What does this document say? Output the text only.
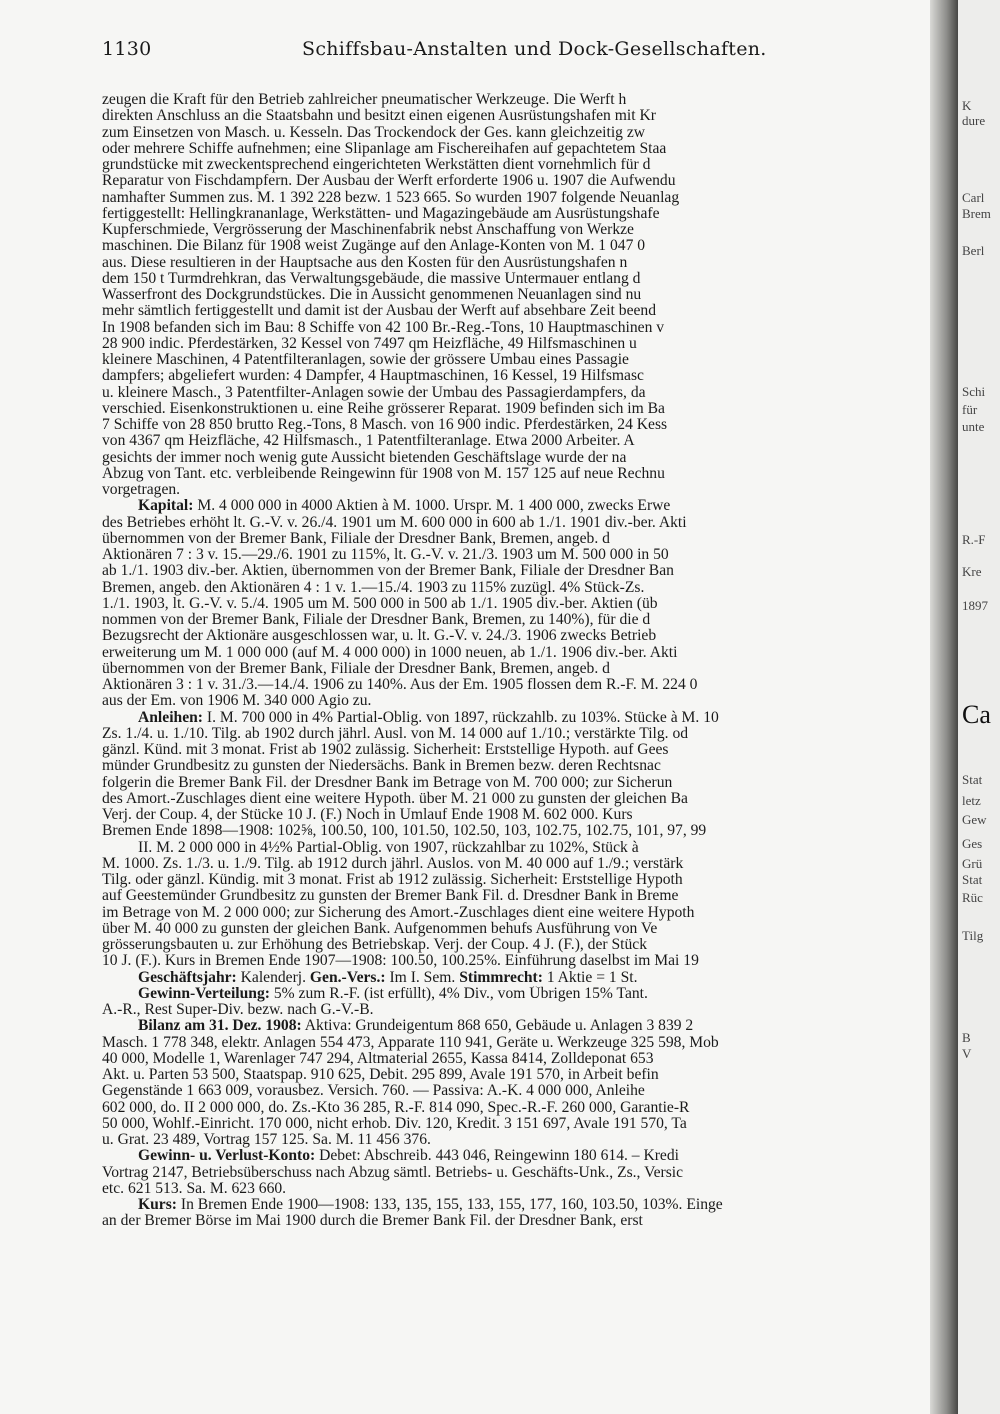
1130	Schiffsbau-Anstalten und Dock-Gesellschaften.

zeugen die Kraft für den Betrieb zahlreicher pneumatischer Werkzeuge. Die Werft h

direkten Anschluss an die Staatsbahn und besitzt einen eigenen Ausrüstungshafen mit Kr

zum Einsetzen von Masch. u. Kesseln. Das Trockendock der Ges. kann gleichzeitig zw

oder mehrere Schiffe aufnehmen; eine Slipanlage am Fischereihafen auf gepachtetem Staa

grundstücke mit zweckentsprechend eingerichteten Werkstätten dient vornehmlich für d

Reparatur von Fischdampfern. Der Ausbau der Werft erforderte 1906 u. 1907 die Aufwendu

namhafter Summen zus. M. 1 392 228 bezw. 1 523 665. So wurden 1907 folgende Neuanlag

fertiggestellt: Hellingkrananlage, Werkstätten- und Magazingebäude am Ausrüstungshafe

Kupferschmiede, Vergrösserung der Maschinenfabrik nebst Anschaffung von Werkze

maschinen. Die Bilanz für 1908 weist Zugänge auf den Anlage-Konten von M. 1 047 0

aus. Diese resultieren in der Hauptsache aus den Kosten für den Ausrüstungshafen n

dem 150 t Turmdrehkran, das Verwaltungsgebäude, die massive Untermauer entlang d

Wasserfront des Dockgrundstückes. Die in Aussicht genommenen Neuanlagen sind nu

mehr sämtlich fertiggestellt und damit ist der Ausbau der Werft auf absehbare Zeit beend

In 1908 befanden sich im Bau: 8 Schiffe von 42 100 Br.-Reg.-Tons, 10 Hauptmaschinen v

28 900 indic. Pferdestärken, 32 Kessel von 7497 qm Heizfläche, 49 Hilfsmaschinen u

kleinere Maschinen, 4 Patentfilteranlagen, sowie der grössere Umbau eines Passagie

dampfers; abgeliefert wurden: 4 Dampfer, 4 Hauptmaschinen, 16 Kessel, 19 Hilfsmasc

u. kleinere Masch., 3 Patentfilter-Anlagen sowie der Umbau des Passagierdampfers, da

verschied. Eisenkonstruktionen u. eine Reihe grösserer Reparat. 1909 befinden sich im Ba

7 Schiffe von 28 850 brutto Reg.-Tons, 8 Masch. von 16 900 indic. Pferdestärken, 24 Kess

von 4367 qm Heizfläche, 42 Hilfsmasch., 1 Patentfilteranlage. Etwa 2000 Arbeiter. A

gesichts der immer noch wenig gute Aussicht bietenden Geschäftslage wurde der na

Abzug von Tant. etc. verbleibende Reingewinn für 1908 von M. 157 125 auf neue Rechnu

vorgetragen.

Kapital: M. 4 000 000 in 4000 Aktien à M. 1000. Urspr. M. 1 400 000, zwecks Erwe

des Betriebes erhöht lt. G.-V. v. 26./4. 1901 um M. 600 000 in 600 ab 1./1. 1901 div.-ber. Akti

übernommen von der Bremer Bank, Filiale der Dresdner Bank, Bremen, angeb. d

Aktionären 7 : 3 v. 15.—29./6. 1901 zu 115%, lt. G.-V. v. 21./3. 1903 um M. 500 000 in 50

ab 1./1. 1903 div.-ber. Aktien, übernommen von der Bremer Bank, Filiale der Dresdner Ban

Bremen, angeb. den Aktionären 4 : 1 v. 1.—15./4. 1903 zu 115% zuzügl. 4% Stück-Zs.

1./1. 1903, lt. G.-V. v. 5./4. 1905 um M. 500 000 in 500 ab 1./1. 1905 div.-ber. Aktien (üb

nommen von der Bremer Bank, Filiale der Dresdner Bank, Bremen, zu 140%), für die d

Bezugsrecht der Aktionäre ausgeschlossen war, u. lt. G.-V. v. 24./3. 1906 zwecks Betrieb

erweiterung um M. 1 000 000 (auf M. 4 000 000) in 1000 neuen, ab 1./1. 1906 div.-ber. Akti

übernommen von der Bremer Bank, Filiale der Dresdner Bank, Bremen, angeb. d

Aktionären 3 : 1 v. 31./3.—14./4. 1906 zu 140%. Aus der Em. 1905 flossen dem R.-F. M. 224 0

aus der Em. von 1906 M. 340 000 Agio zu.

Anleihen: I. M. 700 000 in 4% Partial-Oblig. von 1897, rückzahlb. zu 103%. Stücke à M. 10

Zs. 1./4. u. 1./10. Tilg. ab 1902 durch jährl. Ausl. von M. 14 000 auf 1./10.; verstärkte Tilg. od

gänzl. Künd. mit 3 monat. Frist ab 1902 zulässig. Sicherheit: Erststellige Hypoth. auf Gees

münder Grundbesitz zu gunsten der Niedersächs. Bank in Bremen bezw. deren Rechtsnac

folgerin die Bremer Bank Fil. der Dresdner Bank im Betrage von M. 700 000; zur Sicherun

des Amort.-Zuschlages dient eine weitere Hypoth. über M. 21 000 zu gunsten der gleichen Ba

Verj. der Coup. 4, der Stücke 10 J. (F.) Noch in Umlauf Ende 1908 M. 602 000. Kurs

Bremen Ende 1898—1908: 102⅝, 100.50, 100, 101.50, 102.50, 103, 102.75, 102.75, 101, 97, 99

II. M. 2 000 000 in 4½% Partial-Oblig. von 1907, rückzahlbar zu 102%, Stück à

M. 1000. Zs. 1./3. u. 1./9. Tilg. ab 1912 durch jährl. Auslos. von M. 40 000 auf 1./9.; verstärk

Tilg. oder gänzl. Kündig. mit 3 monat. Frist ab 1912 zulässig. Sicherheit: Erststellige Hypoth

auf Geestemünder Grundbesitz zu gunsten der Bremer Bank Fil. d. Dresdner Bank in Breme

im Betrage von M. 2 000 000; zur Sicherung des Amort.-Zuschlages dient eine weitere Hypoth

über M. 40 000 zu gunsten der gleichen Bank. Aufgenommen behufs Ausführung von Ve

grösserungsbauten u. zur Erhöhung des Betriebskap. Verj. der Coup. 4 J. (F.), der Stück

10 J. (F.). Kurs in Bremen Ende 1907—1908: 100.50, 100.25%. Einführung daselbst im Mai 19

Geschäftsjahr: Kalenderj. Gen.-Vers.: Im I. Sem. Stimmrecht: 1 Aktie = 1 St.

Gewinn-Verteilung: 5% zum R.-F. (ist erfüllt), 4% Div., vom Übrigen 15% Tant.

A.-R., Rest Super-Div. bezw. nach G.-V.-B.

Bilanz am 31. Dez. 1908: Aktiva: Grundeigentum 868 650, Gebäude u. Anlagen 3 839 2

Masch. 1 778 348, elektr. Anlagen 554 473, Apparate 110 941, Geräte u. Werkzeuge 325 598, Mob

40 000, Modelle 1, Warenlager 747 294, Altmaterial 2655, Kassa 8414, Zolldeponat 653

Akt. u. Parten 53 500, Staatspap. 910 625, Debit. 295 899, Avale 191 570, in Arbeit befin

Gegenstände 1 663 009, vorausbez. Versich. 760. — Passiva: A.-K. 4 000 000, Anleihe

602 000, do. II 2 000 000, do. Zs.-Kto 36 285, R.-F. 814 090, Spec.-R.-F. 260 000, Garantie-R

50 000, Wohlf.-Einricht. 170 000, nicht erhob. Div. 120, Kredit. 3 151 697, Avale 191 570, Ta

u. Grat. 23 489, Vortrag 157 125. Sa. M. 11 456 376.

Gewinn- u. Verlust-Konto: Debet: Abschreib. 443 046, Reingewinn 180 614. – Kredi

Vortrag 2147, Betriebsüberschuss nach Abzug sämtl. Betriebs- u. Geschäfts-Unk., Zs., Versic

etc. 621 513. Sa. M. 623 660.

Kurs: In Bremen Ende 1900—1908: 133, 135, 155, 133, 155, 177, 160, 103.50, 103%. Einge

an der Bremer Börse im Mai 1900 durch die Bremer Bank Fil. der Dresdner Bank, erst

K
dure
Carl
Brem
Berl
Schi
für
unte
R.-F
Kre
1897
Ca
Stat
letz
Gew
Ges
Grü
Stat
Rüc
Tilg
B
V
